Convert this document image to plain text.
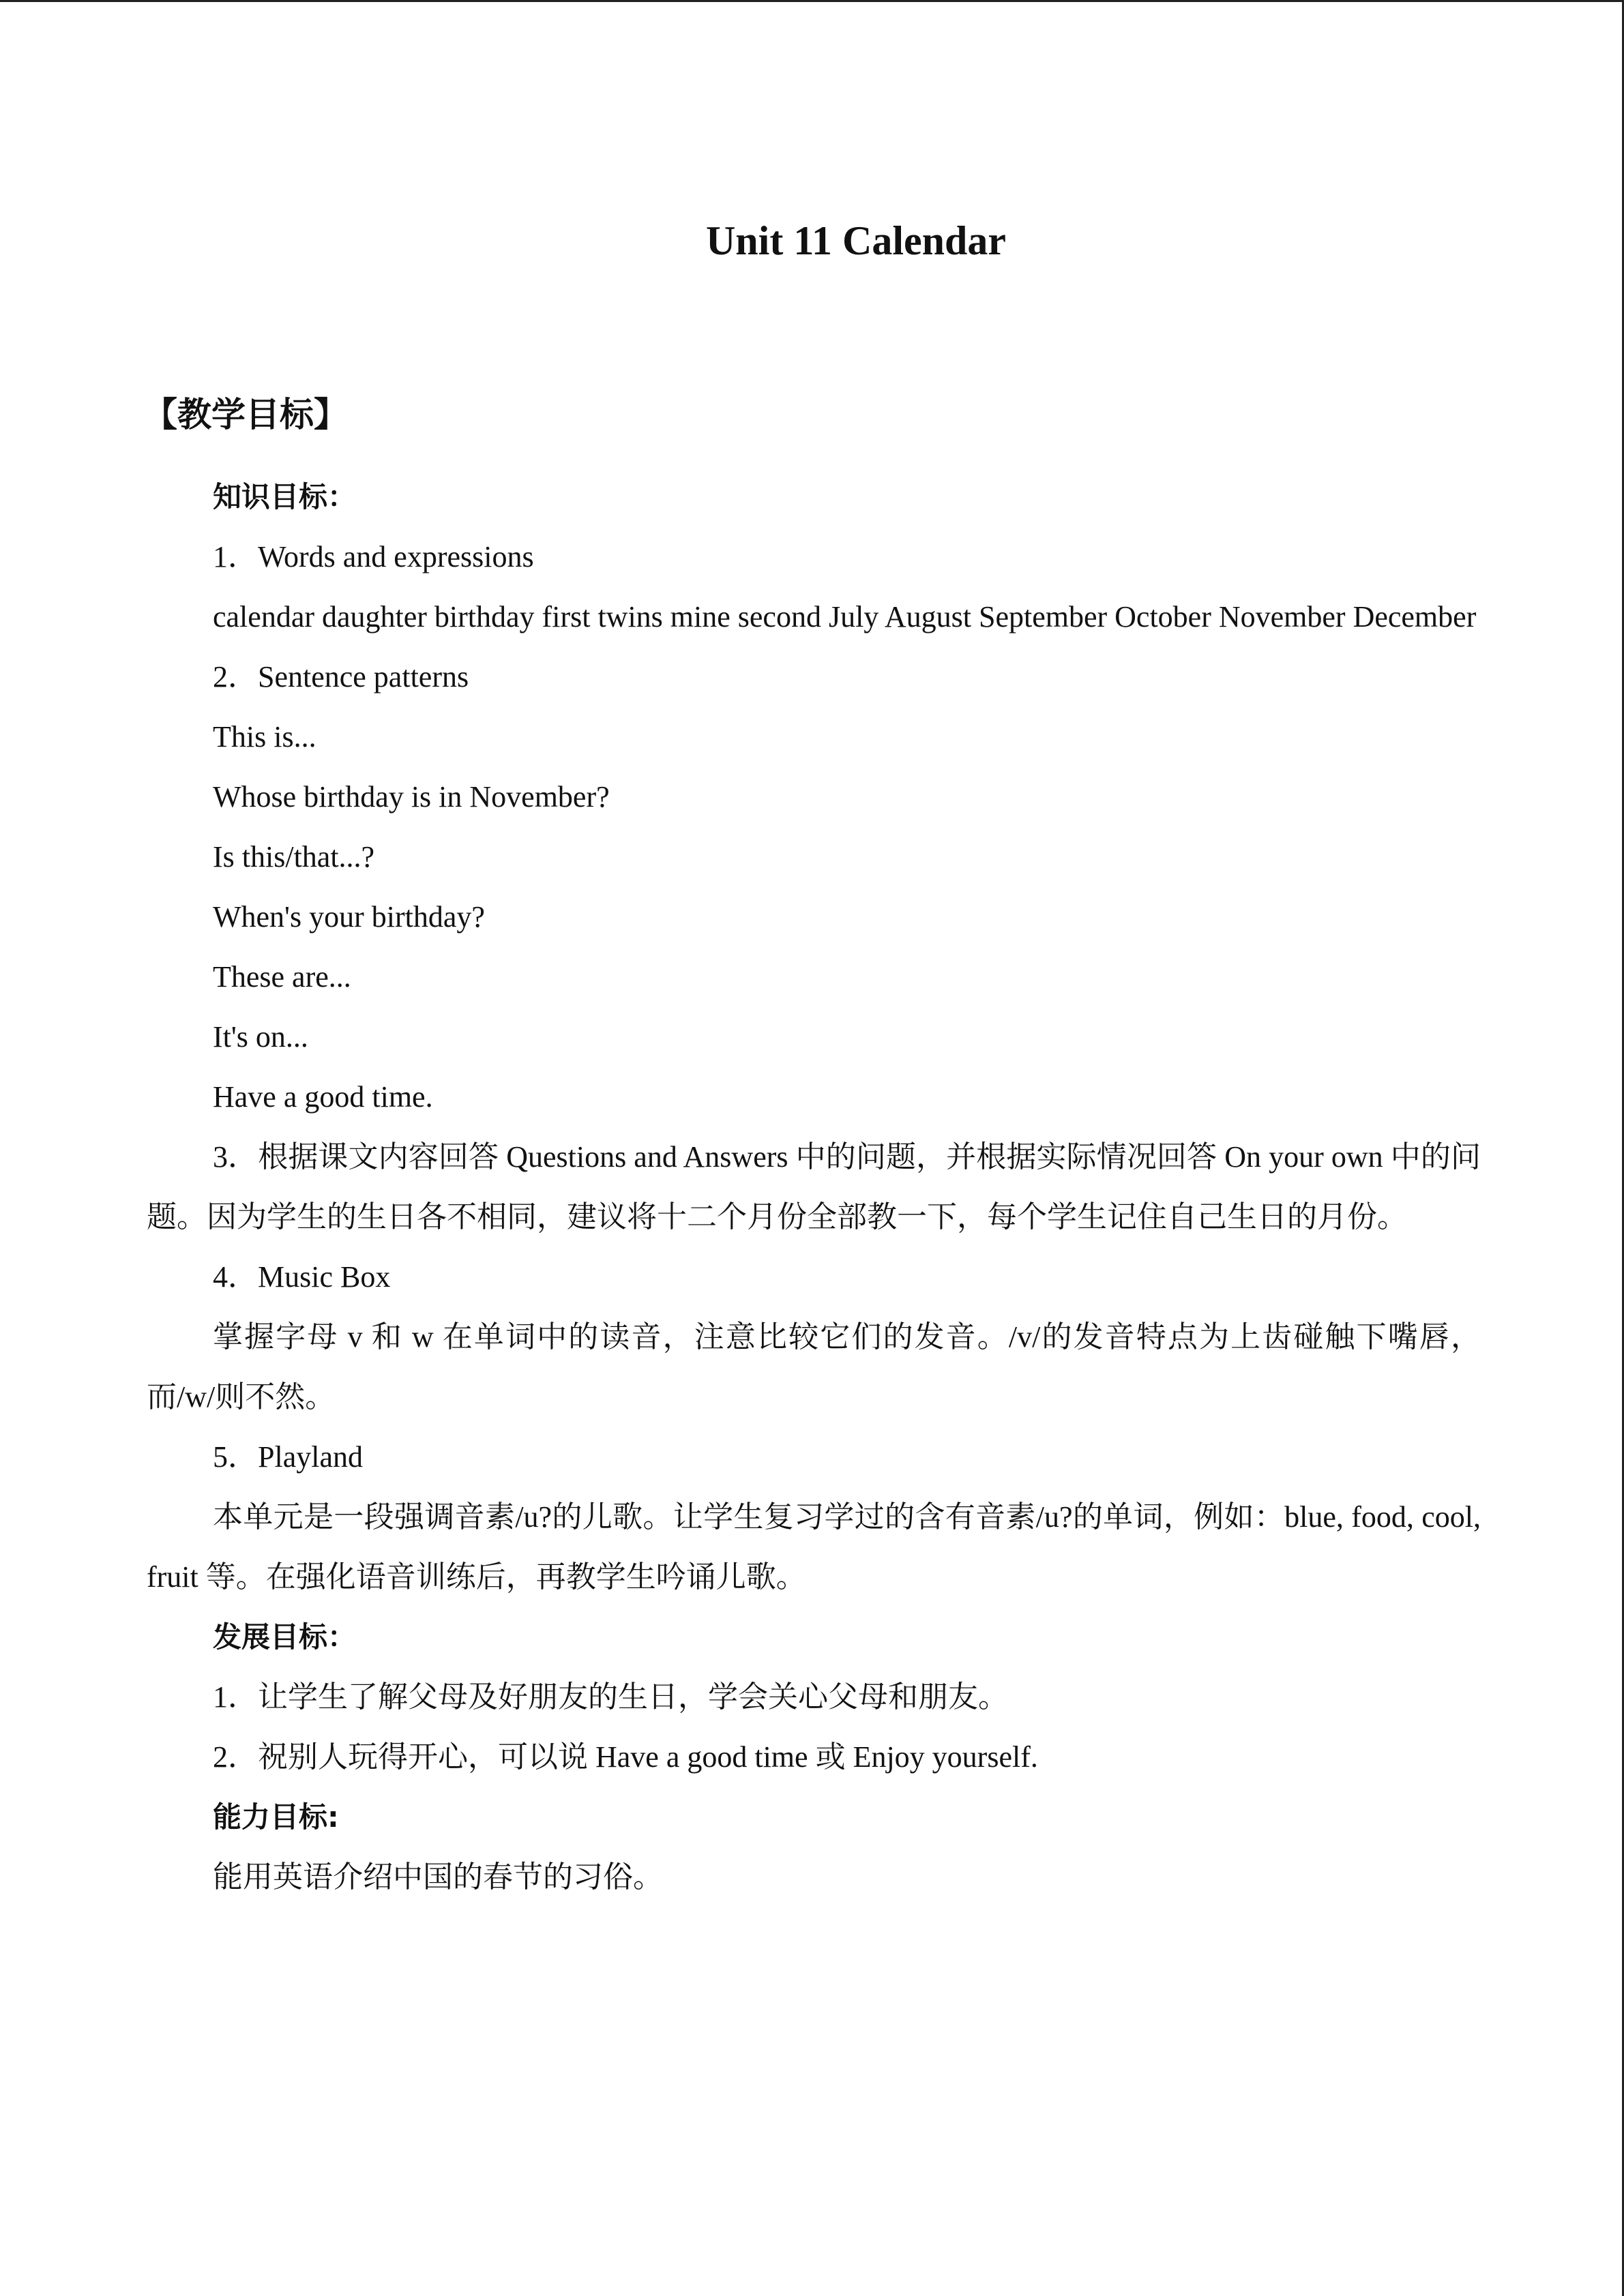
Unit 11 Calendar
【教学目标】

知识目标：

1．Words and expressions

calendar daughter birthday first twins mine second July August September October November December

2．Sentence patterns

This is...

Whose birthday is in November?

Is this/that...?

When's your birthday?

These are...

It's on...

Have a good time.

3．根据课文内容回答 Questions and Answers 中的问题，并根据实际情况回答 On your own 中的问题。因为学生的生日各不相同，建议将十二个月份全部教一下，每个学生记住自己生日的月份。

4．Music Box

掌握字母 v 和 w 在单词中的读音，注意比较它们的发音。/v/的发音特点为上齿碰触下嘴唇，而/w/则不然。

5．Playland

本单元是一段强调音素/u?的儿歌。让学生复习学过的含有音素/u?的单词，例如：blue, food, cool, fruit 等。在强化语音训练后，再教学生吟诵儿歌。

发展目标：

1．让学生了解父母及好朋友的生日，学会关心父母和朋友。

2．祝别人玩得开心，可以说 Have a good time 或 Enjoy yourself.

能力目标:

能用英语介绍中国的春节的习俗。
